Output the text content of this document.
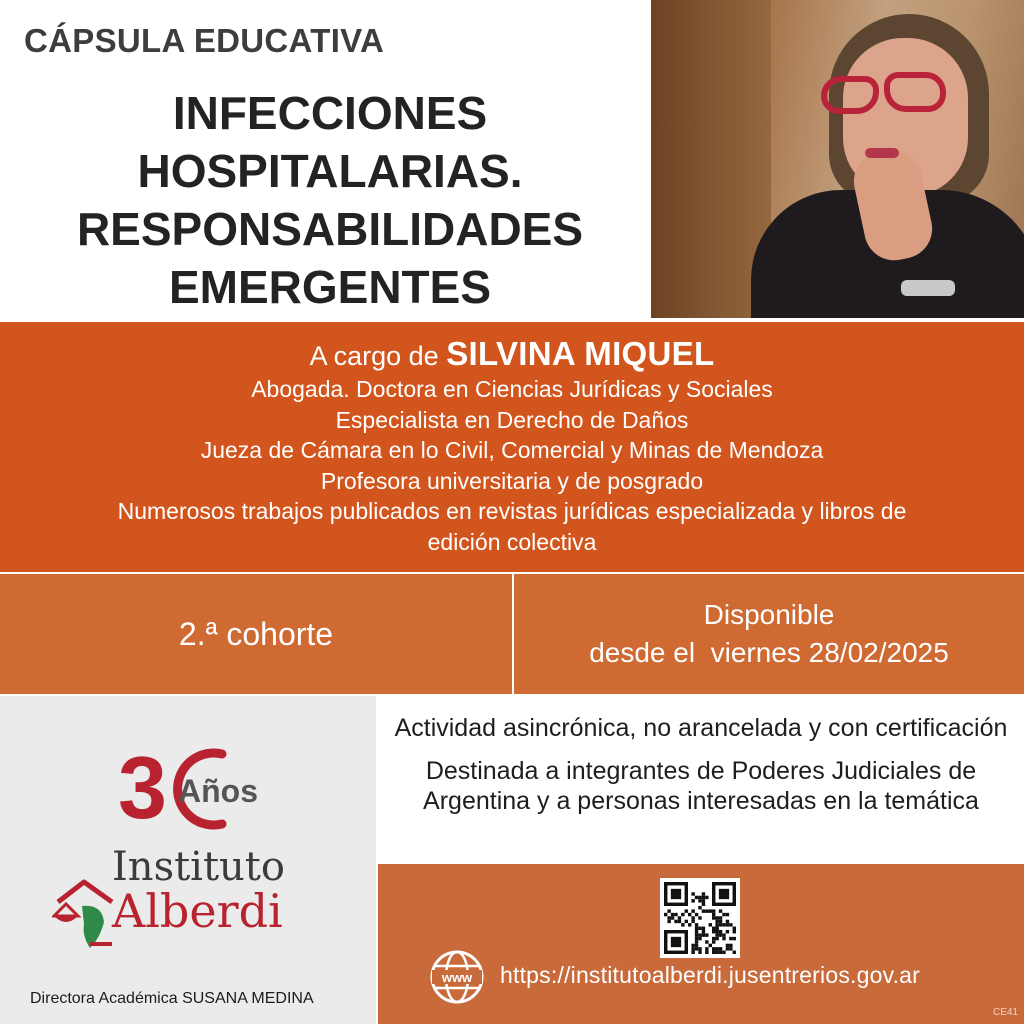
CÁPSULA EDUCATIVA
INFECCIONES
HOSPITALARIAS.
RESPONSABILIDADES
EMERGENTES
A cargo de SILVINA MIQUEL
Abogada. Doctora en Ciencias Jurídicas y Sociales
Especialista en Derecho de Daños
Jueza de Cámara en lo Civil, Comercial y Minas de Mendoza
Profesora universitaria y de posgrado
Numerosos trabajos publicados en revistas jurídicas especializada y libros de
edición colectiva
2.ª cohorte
Disponible
desde el  viernes 28/02/2025
3 Años
Instituto
Alberdi
Directora Académica SUSANA MEDINA
Actividad asincrónica, no arancelada y con certificación
Destinada a integrantes de Poderes Judiciales de Argentina y a personas interesadas en la temática
www https://institutoalberdi.jusentrerios.gov.ar
CE41
